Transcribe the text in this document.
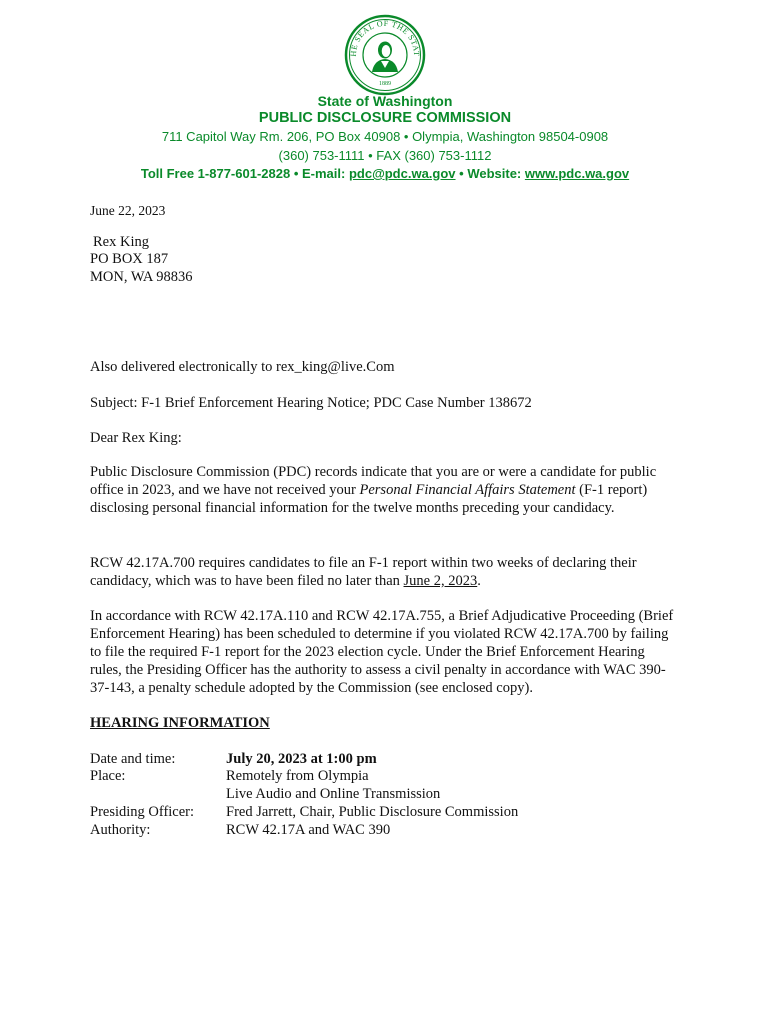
HE SEAL OF THE STAT
1889
State of Washington
PUBLIC DISCLOSURE COMMISSION
711 Capitol Way Rm. 206, PO Box 40908 • Olympia, Washington 98504-0908
(360) 753-1111 • FAX (360) 753-1112
Toll Free 1-877-601-2828 • E-mail: pdc@pdc.wa.gov • Website: www.pdc.wa.gov
June 22, 2023
Rex King
PO BOX 187
MON, WA 98836
Also delivered electronically to rex_king@live.Com
Subject: F-1 Brief Enforcement Hearing Notice; PDC Case Number 138672
Dear Rex King:
Public Disclosure Commission (PDC) records indicate that you are or were a candidate for public office in 2023, and we have not received your Personal Financial Affairs Statement (F-1 report) disclosing personal financial information for the twelve months preceding your candidacy.
RCW 42.17A.700 requires candidates to file an F-1 report within two weeks of declaring their candidacy, which was to have been filed no later than June 2, 2023.
In accordance with RCW 42.17A.110 and RCW 42.17A.755, a Brief Adjudicative Proceeding (Brief Enforcement Hearing) has been scheduled to determine if you violated RCW 42.17A.700 by failing to file the required F-1 report for the 2023 election cycle. Under the Brief Enforcement Hearing rules, the Presiding Officer has the authority to assess a civil penalty in accordance with WAC 390-37-143, a penalty schedule adopted by the Commission (see enclosed copy).
HEARING INFORMATION
Date and time:	July 20, 2023 at 1:00 pm
Place:	Remotely from Olympia
Live Audio and Online Transmission
Presiding Officer: Fred Jarrett, Chair, Public Disclosure Commission
Authority:	RCW 42.17A and WAC 390
